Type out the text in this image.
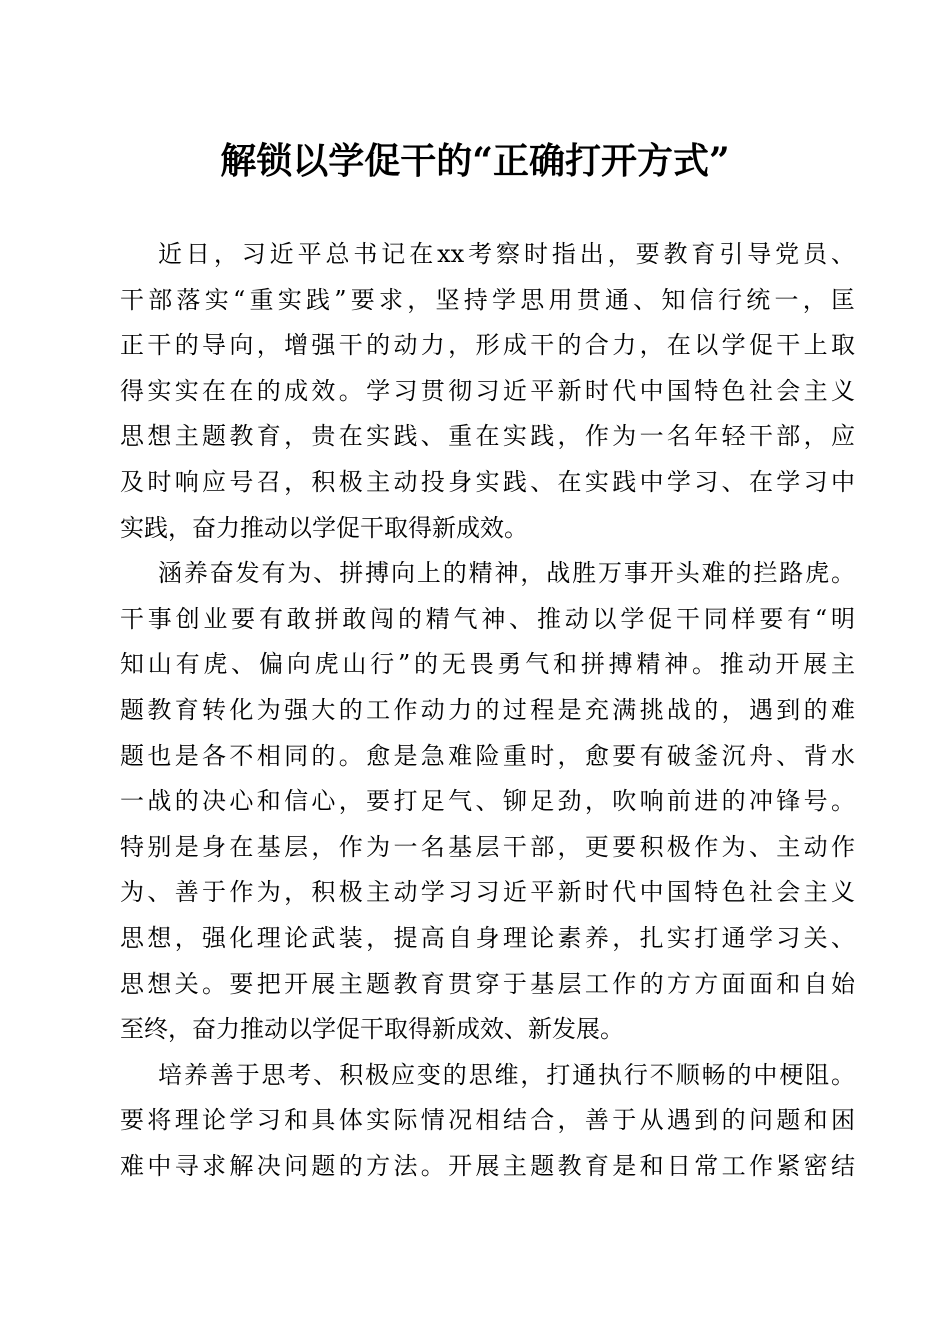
解锁以学促干的“正确打开方式”
近日，习近平总书记在xx考察时指出，要教育引导党员、
干部落实“重实践”要求，坚持学思用贯通、知信行统一，匡
正干的导向，增强干的动力，形成干的合力，在以学促干上取
得实实在在的成效。学习贯彻习近平新时代中国特色社会主义
思想主题教育，贵在实践、重在实践，作为一名年轻干部，应
及时响应号召，积极主动投身实践、在实践中学习、在学习中
实践，奋力推动以学促干取得新成效。
涵养奋发有为、拼搏向上的精神，战胜万事开头难的拦路虎。
干事创业要有敢拼敢闯的精气神、推动以学促干同样要有“明
知山有虎、偏向虎山行”的无畏勇气和拼搏精神。推动开展主
题教育转化为强大的工作动力的过程是充满挑战的，遇到的难
题也是各不相同的。愈是急难险重时，愈要有破釜沉舟、背水
一战的决心和信心，要打足气、铆足劲，吹响前进的冲锋号。
特别是身在基层，作为一名基层干部，更要积极作为、主动作
为、善于作为，积极主动学习习近平新时代中国特色社会主义
思想，强化理论武装，提高自身理论素养，扎实打通学习关、
思想关。要把开展主题教育贯穿于基层工作的方方面面和自始
至终，奋力推动以学促干取得新成效、新发展。
培养善于思考、积极应变的思维，打通执行不顺畅的中梗阻。
要将理论学习和具体实际情况相结合，善于从遇到的问题和困
难中寻求解决问题的方法。开展主题教育是和日常工作紧密结
